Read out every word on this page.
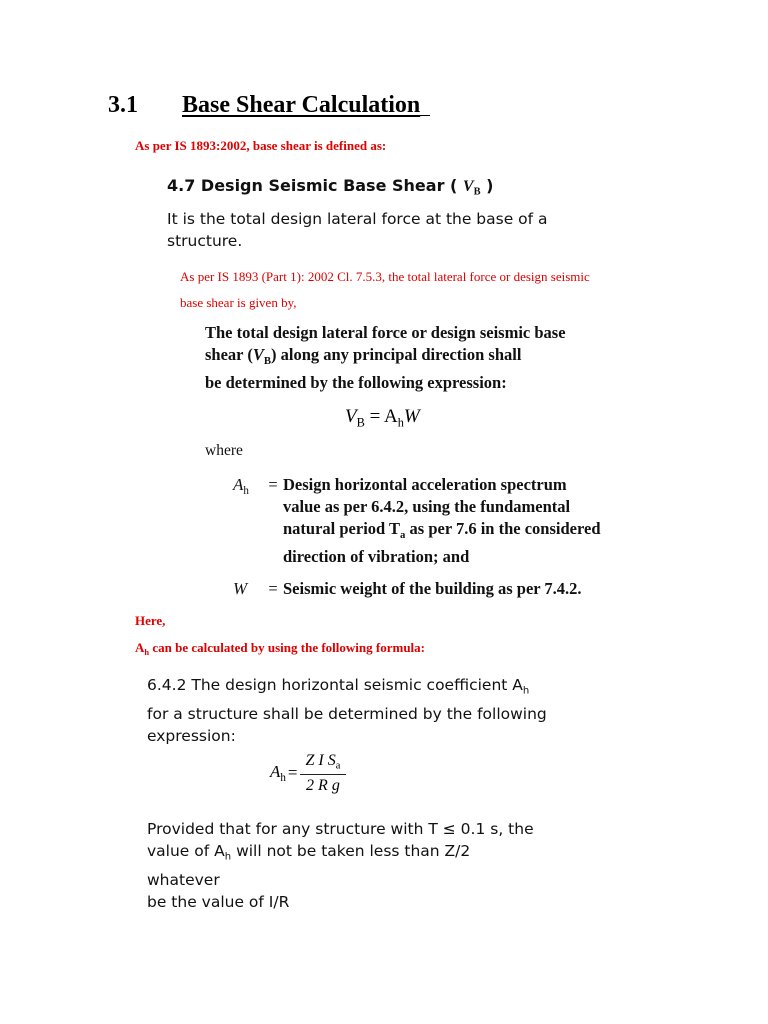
3.1 Base Shear Calculation
As per IS 1893:2002, base shear is defined as:
4.7 Design Seismic Base Shear ( $V_B$ )
It is the total design lateral force at the base of a
structure.
As per IS 1893 (Part 1): 2002 Cl. 7.5.3, the total lateral force or design seismic
base shear is given by,
The total design lateral force or design seismic base
shear $(V_B)$ along any principal direction shall
be determined by the following expression:
$V_B = A_hW$
where
$A_h$	= Design horizontal acceleration spectrum
value as per 6.4.2, using the fundamental
natural period $T_a$ as per 7.6 in the considered
direction of vibration; and
W	= Seismic weight of the building as per 7.4.2.
Here,
$A_h$ can be calculated by using the following formula:
6.4.2 The design horizontal seismic coefficient $A_h$
for a structure shall be determined by the following
expression:
$A_h = \frac{Z I S_a}{\text{2 R g}}$
Provided that for any structure with T ≤ 0.1 s, the
value of $A_h$ will not be taken less than Z/2 whatever
be the value of I/R
